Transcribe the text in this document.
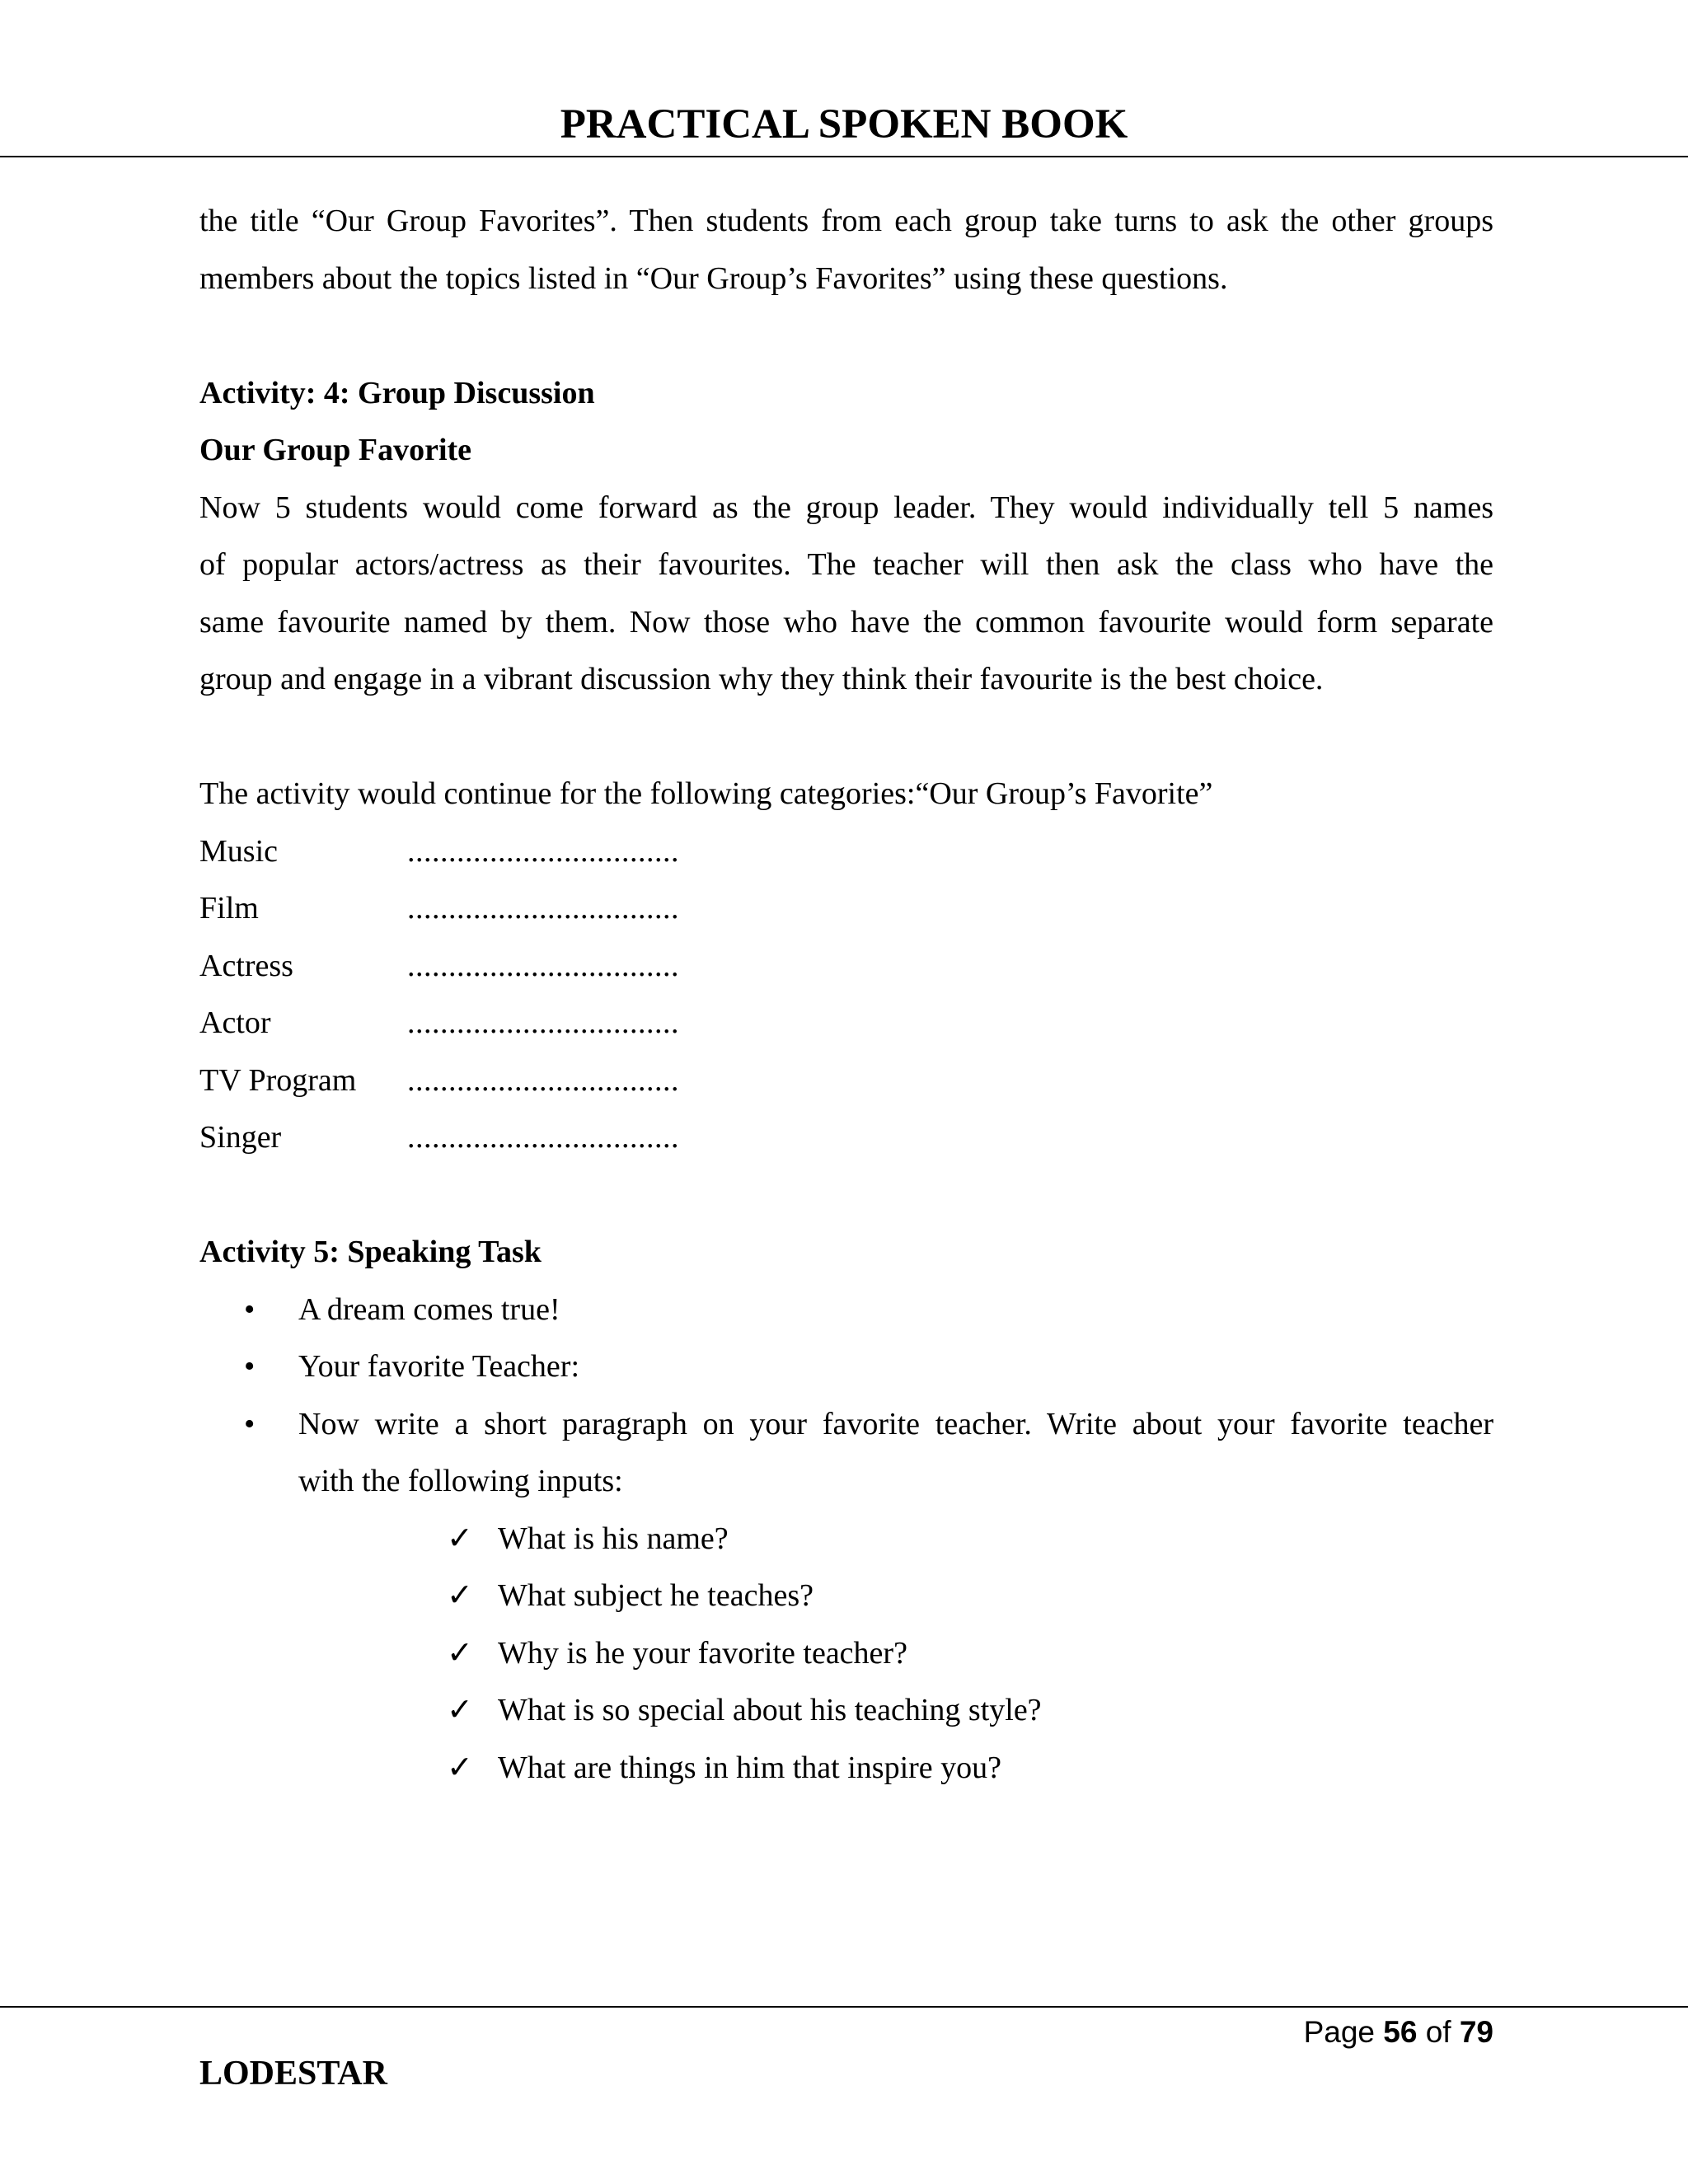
PRACTICAL SPOKEN BOOK

the title “Our Group Favorites”. Then students from each group take turns to ask the other groups

members about the topics listed in “Our Group’s Favorites” using these questions.

Activity: 4: Group Discussion

Our Group Favorite

Now 5 students would come forward as the group leader. They would individually tell 5 names

of popular actors/actress as their favourites. The teacher will then ask the class who have the

same favourite named by them. Now those who have the common favourite would form separate

group and engage in a vibrant discussion why they think their favourite is the best choice.

The activity would continue for the following categories:“Our Group’s Favorite”

Music	.................................
Film	.................................
Actress	.................................
Actor	.................................
TV Program	.................................
Singer	.................................

Activity 5: Speaking Task

• A dream comes true!
• Your favorite Teacher:
• Now write a short paragraph on your favorite teacher. Write about your favorite teacher
with the following inputs:
✓ What is his name?
✓ What subject he teaches?
✓ Why is he your favorite teacher?
✓ What is so special about his teaching style?
✓ What are things in him that inspire you?
Page 56 of 79
LODESTAR
